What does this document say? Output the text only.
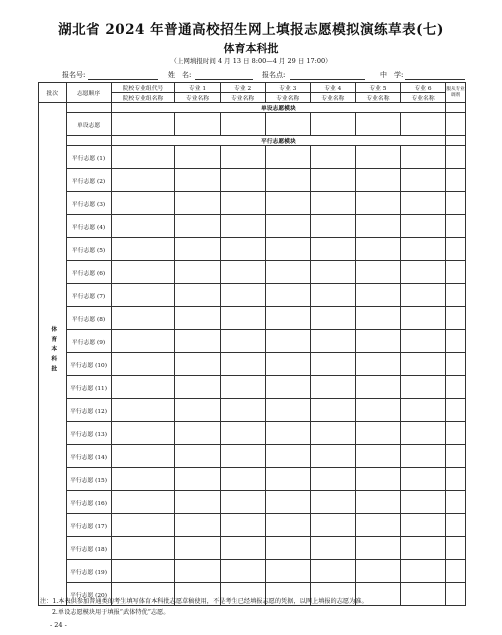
湖北省 2024 年普通高校招生网上填报志愿模拟演练草表(七)
体育本科批
（上网填报时间 4 月 13 日 8:00—4 月 29 日 17:00）
报名号:	姓　名:	报名点:	中　学:
批次	志愿顺序	院校专业组代号	专业 1	专业 2	专业 3	专业 4	专业 5	专业 6	服从专业调剂
		院校专业组名称	专业名称	专业名称	专业名称	专业名称	专业名称	专业名称	
体育本科批		单设志愿模块							
	单设志愿								
		平行志愿模块							
	平行志愿 (1)								
	平行志愿 (2)								
	平行志愿 (3)								
	平行志愿 (4)								
	平行志愿 (5)								
	平行志愿 (6)								
	平行志愿 (7)								
	平行志愿 (8)								
	平行志愿 (9)								
	平行志愿 (10)								
	平行志愿 (11)								
	平行志愿 (12)								
	平行志愿 (13)								
	平行志愿 (14)								
	平行志愿 (15)								
	平行志愿 (16)								
	平行志愿 (17)								
	平行志愿 (18)								
	平行志愿 (19)								
	平行志愿 (20)								
注：1.本表供参加普通类的考生填写体育本科批志愿草稿使用，不是考生已经填报志愿的凭据，以网上填报的志愿为准。
2.单设志愿模块用于填报“武体特优”志愿。
- 24 -
